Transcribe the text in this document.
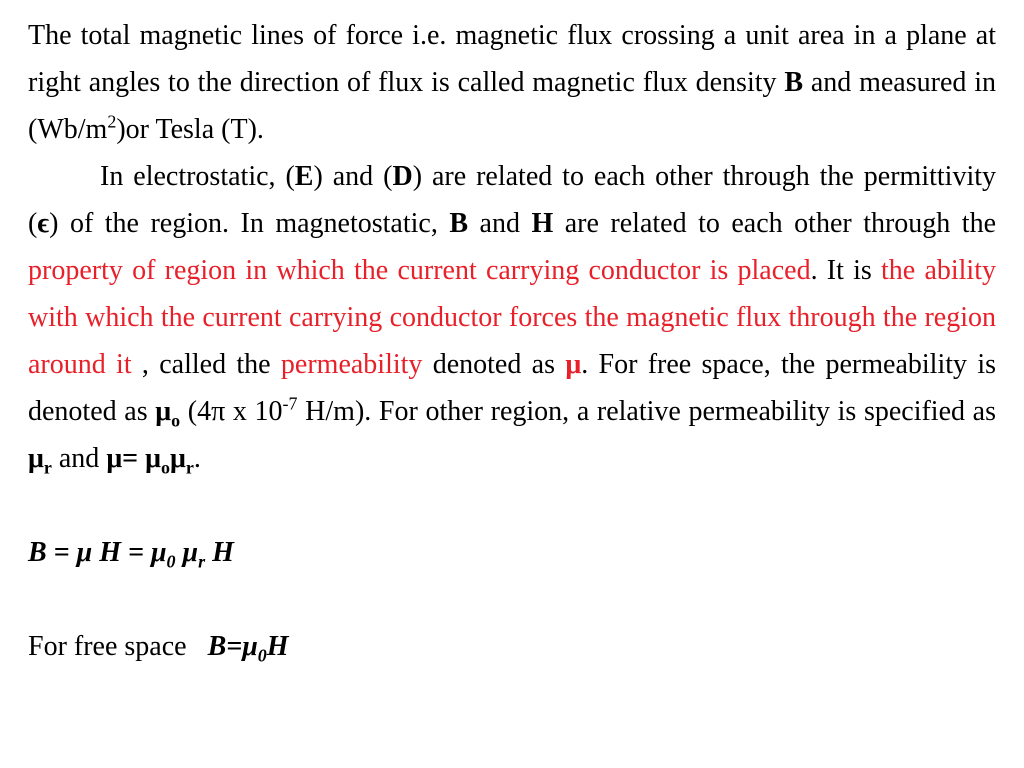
The total magnetic lines of force i.e. magnetic flux crossing a unit area in a plane at right angles to the direction of flux is called magnetic flux density B and measured in $(Wb/m^2)or$ Tesla (T).

In electrostatic, (E) and (D) are related to each other through the permittivity (ϵ) of the region. In magnetostatic, B and H are related to each other through the property of region in which the current carrying conductor is placed. It is the ability with which the current carrying conductor forces the magnetic flux through the region around it , called the permeability denoted as μ. For free space, the permeability is denoted as $\mu_o$ (4π x $10^{-7}$ H/m). For other region, a relative permeability is specified as $\mu_r$ and $\mu= \mu_o\mu_r$.

B = μ $H = \mu_0$ $\mu_r$ H

For free space $B=\mu_0H$
